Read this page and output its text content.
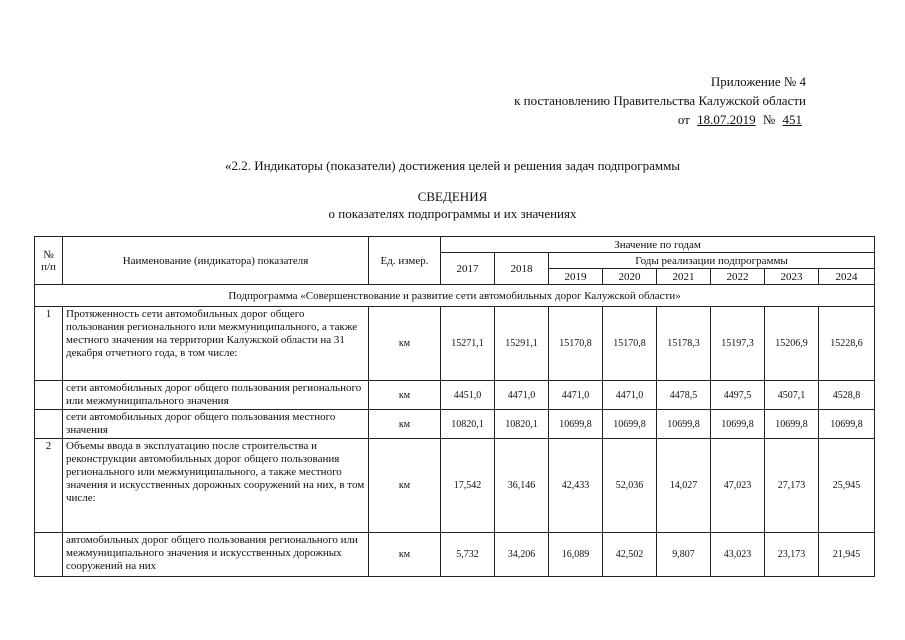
Приложение № 4
к постановлению Правительства Калужской области
от 18.07.2019 № 451
«2.2. Индикаторы (показатели) достижения целей и решения задач подпрограммы
СВЕДЕНИЯ
о показателях подпрограммы и их значениях
№ п/п	Наименование (индикатора) показателя	Ед. измер.	Значение по годам							
			2017	2018	Годы реализации подпрограммы					
					2019	2020	2021	2022	2023	2024
Подпрограмма «Совершенствование и развитие сети автомобильных дорог Калужской области»										
1	Протяженность сети автомобильных дорог общего пользования регионального или межмуниципального, а также местного значения на территории Калужской области на 31 декабря отчетного года, в том числе:	км	15271,1	15291,1	15170,8	15170,8	15178,3	15197,3	15206,9	15228,6
	сети автомобильных дорог общего пользования регионального или межмуниципального значения	км	4451,0	4471,0	4471,0	4471,0	4478,5	4497,5	4507,1	4528,8
	сети автомобильных дорог общего пользования местного значения	км	10820,1	10820,1	10699,8	10699,8	10699,8	10699,8	10699,8	10699,8
2	Объемы ввода в эксплуатацию после строительства и реконструкции автомобильных дорог общего пользования регионального или межмуниципального, а также местного значения и искусственных дорожных сооружений на них, в том числе:	км	17,542	36,146	42,433	52,036	14,027	47,023	27,173	25,945
	автомобильных дорог общего пользования регионального или межмуниципального значения и искусственных дорожных сооружений на них	км	5,732	34,206	16,089	42,502	9,807	43,023	23,173	21,945
